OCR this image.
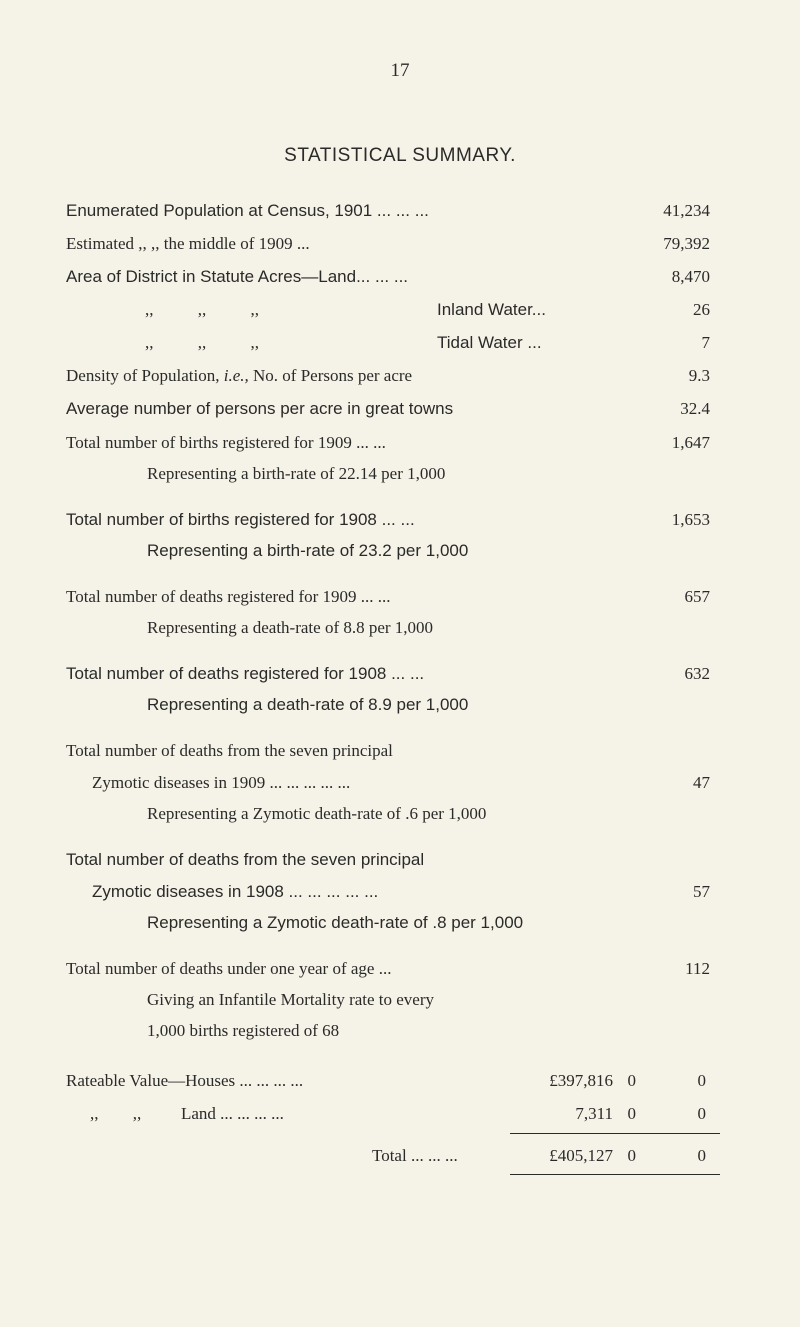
17
STATISTICAL SUMMARY.
Enumerated Population at Census, 1901 ... ... ...	41,234
Estimated ,, ,, the middle of 1909 ...	79,392
Area of District in Statute Acres—Land... ... ...	8,470
,, ,, ,,	Inland Water...	26
,, ,, ,,	Tidal Water ...	7
Density of Population, i.e., No. of Persons per acre	9.3
Average number of persons per acre in great towns	32.4
Total number of births registered for 1909 ... ...	1,647
Representing a birth-rate of 22.14 per 1,000
Total number of births registered for 1908 ... ...	1,653
Representing a birth-rate of 23.2 per 1,000
Total number of deaths registered for 1909 ... ...	657
Representing a death-rate of 8.8 per 1,000
Total number of deaths registered for 1908 ... ...	632
Representing a death-rate of 8.9 per 1,000
Total number of deaths from the seven principal
Zymotic diseases in 1909 ... ... ... ... ...	47
Representing a Zymotic death-rate of .6 per 1,000
Total number of deaths from the seven principal
Zymotic diseases in 1908 ... ... ... ... ...	57
Representing a Zymotic death-rate of .8 per 1,000
Total number of deaths under one year of age ...	112
Giving an Infantile Mortality rate to every
1,000 births registered of 68
Rateable Value—Houses ... ... ... ...	£397,816 0	0
,, ,, Land ... ... ... ...	7,311 0	0
Total ... ... ...	£405,127 0	0
